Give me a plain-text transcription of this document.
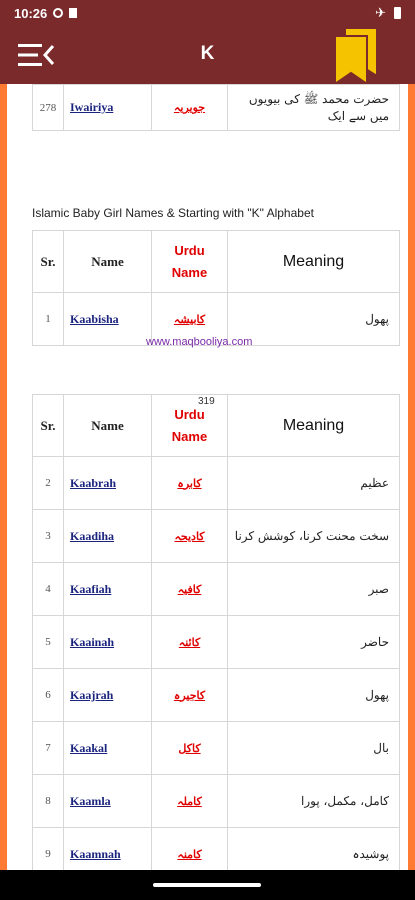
10:26	✈
K
278	Iwairiya	جویریہ	حضرت محمد ﷺ کی بیویوں میں سے ایک
Islamic Baby Girl Names & Starting with "K" Alphabet
Sr.	Name	Urdu
Name	Meaning
1	Kaabisha	کابیشہ	پھول
www.maqbooliya.com
Sr.	Name	Urdu
Name	Meaning
2	Kaabrah	کابرہ	عظیم
3	Kaadiha	کادیحہ	سخت محنت کرنا، کوشش کرنا
4	Kaafiah	کافیہ	صبر
5	Kaainah	کائنہ	حاضر
6	Kaajrah	کاجیرہ	پھول
7	Kaakal	کاکل	بال
8	Kaamla	کاملہ	کامل، مکمل، پورا
9	Kaamnah	کامنہ	پوشیدہ
319
